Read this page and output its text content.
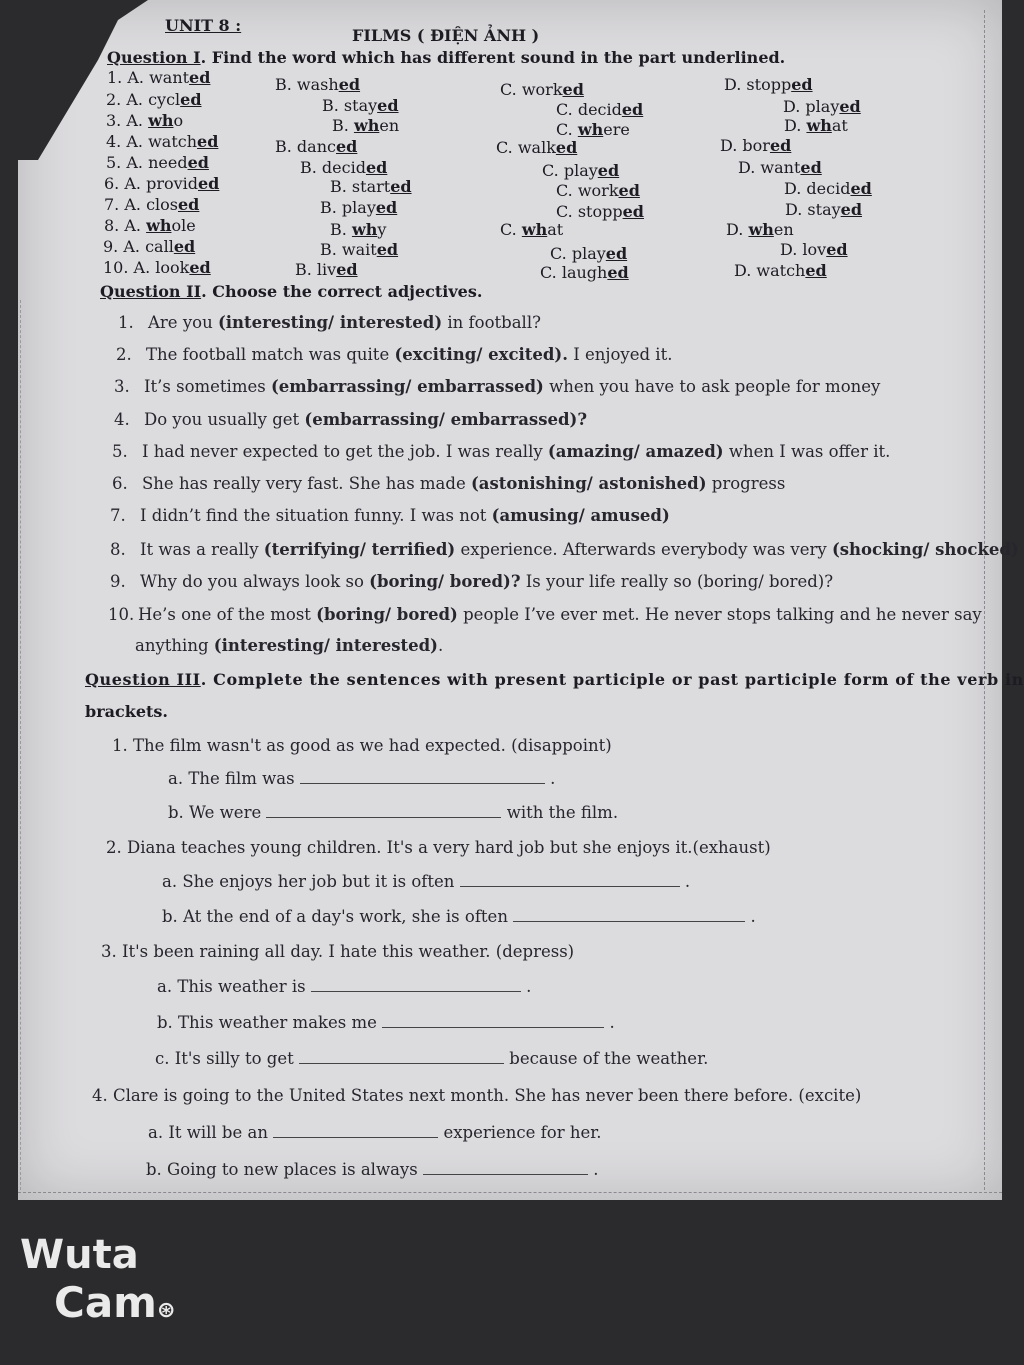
UNIT 8 :
FILMS ( ĐIỆN ẢNH )
Question I. Find the word which has different sound in the part underlined.
1. A. wanted	B. washed	C. worked	D. stopped
2. A. cycled	B. stayed	C. decided	D. played
3. A. who	B. when	C. where	D. what
4. A. watched	B. danced	C. walked	D. bored
5. A. needed	B. decided	C. played	D. wanted
6. A. provided	B. started	C. worked	D. decided
7. A. closed	B. played	C. stopped	D. stayed
8. A. whole	B. why	C. what	D. when
9. A. called	B. waited	C. played	D. loved
10. A. looked	B. lived	C. laughed	D. watched
Question II. Choose the correct adjectives.
1. Are you (interesting/ interested) in football?
2. The football match was quite (exciting/ excited). I enjoyed it.
3. It’s sometimes (embarrassing/ embarrassed) when you have to ask people for money
4. Do you usually get (embarrassing/ embarrassed)?
5. I had never expected to get the job. I was really (amazing/ amazed) when I was offer it.
6. She has really very fast. She has made (astonishing/ astonished) progress
7. I didn’t find the situation funny. I was not (amusing/ amused)
8. It was a really (terrifying/ terrified) experience. Afterwards everybody was very (shocking/ shocked)
9. Why do you always look so (boring/ bored)? Is your life really so (boring/ bored)?
10. He’s one of the most (boring/ bored) people I’ve ever met. He never stops talking and he never say
anything (interesting/ interested).
Question III. Complete the sentences with present participle or past participle form of the verb in
brackets.
1. The film wasn't as good as we had expected. (disappoint)
a. The film was	.
b. We were	with the film.
2. Diana teaches young children. It's a very hard job but she enjoys it.(exhaust)
a. She enjoys her job but it is often	.
b. At the end of a day's work, she is often	.
3. It's been raining all day. I hate this weather. (depress)
a. This weather is	.
b. This weather makes me	.
c. It's silly to get	because of the weather.
4. Clare is going to the United States next month. She has never been there before. (excite)
a. It will be an	experience for her.
b. Going to new places is always	.
Wuta
Cam⊛
